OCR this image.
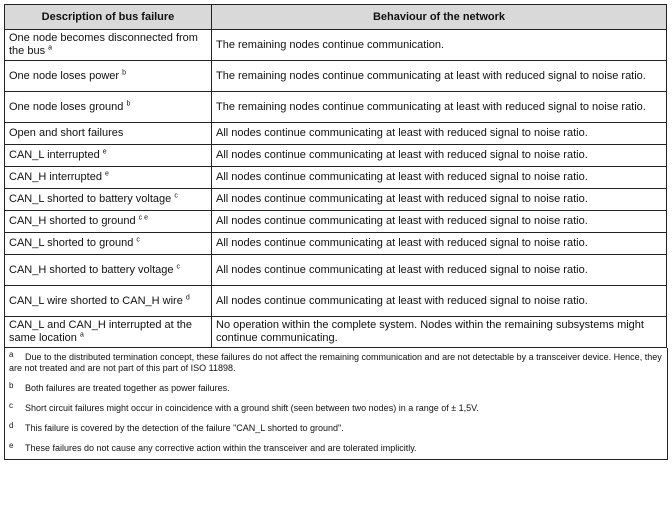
Description of bus failure	Behaviour of the network
One node becomes disconnected from the bus $^a$	The remaining nodes continue communication.
One node loses power $^b$	The remaining nodes continue communicating at least with reduced signal to noise ratio.
One node loses ground $^b$	The remaining nodes continue communicating at least with reduced signal to noise ratio.
Open and short failures	All nodes continue communicating at least with reduced signal to noise ratio.
CAN_L interrupted $^e$	All nodes continue communicating at least with reduced signal to noise ratio.
CAN_H interrupted $^e$	All nodes continue communicating at least with reduced signal to noise ratio.
CAN_L shorted to battery voltage $^c$	All nodes continue communicating at least with reduced signal to noise ratio.
CAN_H shorted to ground $^{c e}$	All nodes continue communicating at least with reduced signal to noise ratio.
CAN_L shorted to ground $^c$	All nodes continue communicating at least with reduced signal to noise ratio.
CAN_H shorted to battery voltage $^c$	All nodes continue communicating at least with reduced signal to noise ratio.
CAN_L wire shorted to CAN_H wire $^d$	All nodes continue communicating at least with reduced signal to noise ratio.
CAN_L and CAN_H interrupted at the same location $^a$	No operation within the complete system. Nodes within the remaining subsystems might continue communicating.
a Due to the distributed termination concept, these failures do not affect the remaining communication and are not detectable by a transceiver device. Hence, they are not treated and are not part of this part of ISO 11898.
b	Both failures are treated together as power failures.
c	Short circuit failures might occur in coincidence with a ground shift (seen between two nodes) in a range of ± 1,5V.
d	This failure is covered by the detection of the failure "CAN_L shorted to ground".
e	These failures do not cause any corrective action within the transceiver and are tolerated implicitly.
